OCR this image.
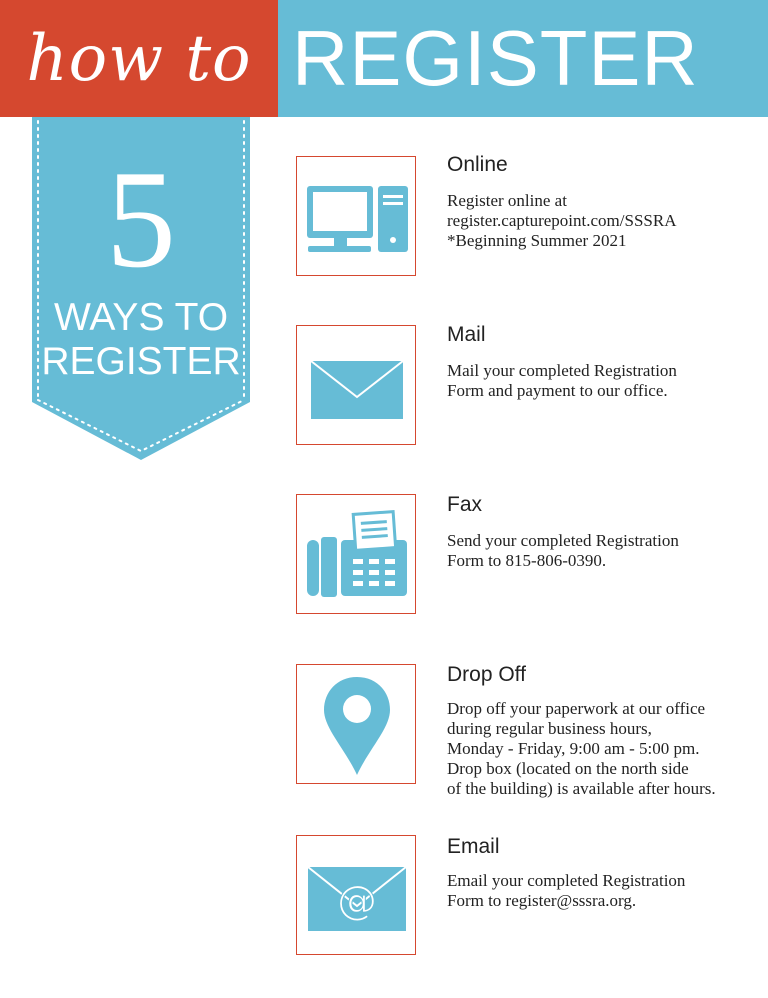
how to REGISTER
5
WAYS TO
REGISTER
Online
Register online at
register.capturepoint.com/SSSRA
*Beginning Summer 2021
Mail
Mail your completed Registration
Form and payment to our office.
Fax
Send your completed Registration
Form to 815-806-0390.
Drop Off
Drop off your paperwork at our office
during regular business hours,
Monday - Friday, 9:00 am - 5:00 pm.
Drop box (located on the north side
of the building) is available after hours.
@
Email
Email your completed Registration
Form to register@sssra.org.
